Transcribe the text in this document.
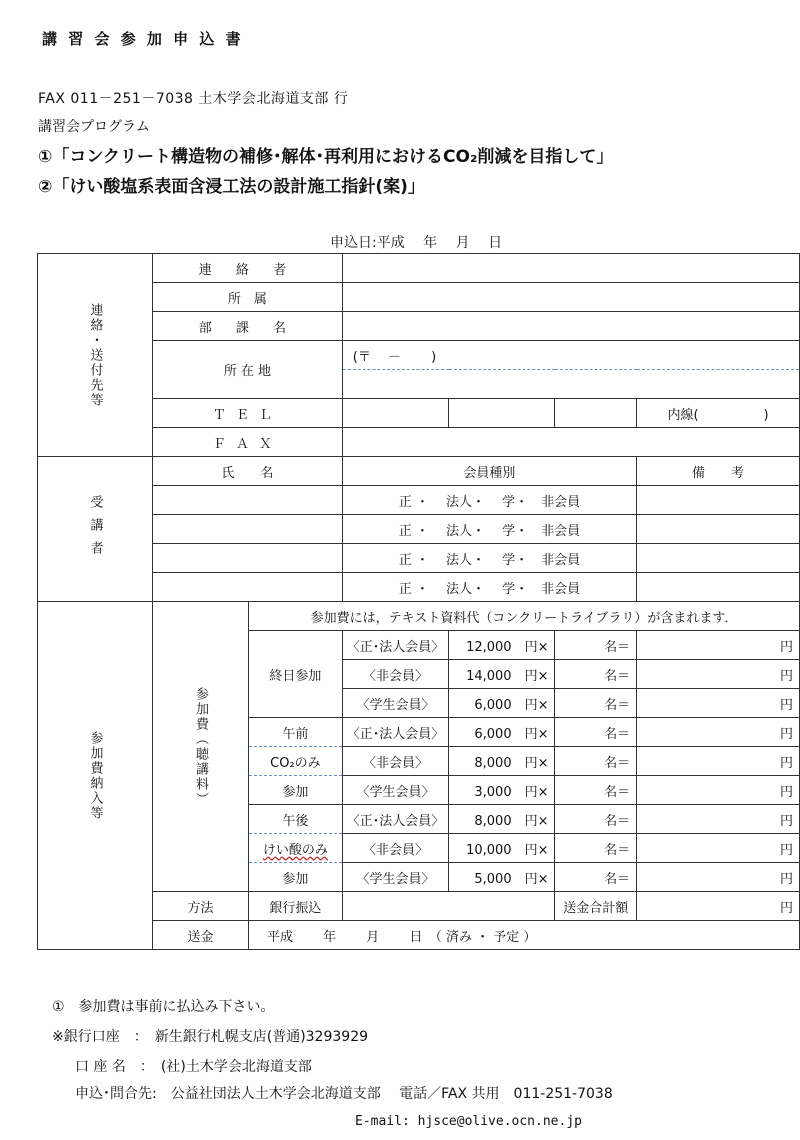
講 習 会 参 加 申 込 書
FAX 011－251－7038 土木学会北海道支部 行
講習会プログラム
①「コンクリート構造物の補修･解体･再利用におけるCO₂削減を目指して」
②「けい酸塩系表面含浸工法の設計施工指針(案)」
申込日:平成　 年　 月　 日
連絡・送付先等	連 絡 者					
	所　属					
	部 課 名					
	所 在 地		(〒　 －　　 )			

	ＴＥＬ					内線(　　　　　)
	ＦＡＸ					

受講者	氏　　名		会員種別			備　　考
			正 ・　 法人・　 学・　非会員			
			正 ・　 法人・　 学・　非会員			
			正 ・　 法人・　 学・　非会員			
			正 ・　 法人・　 学・　非会員			

参加費納入等	参加費（聴講料）	参加費には，テキスト資料代（コンクリートライブラリ）が含まれます．				
		終日参加	〈正･法人会員〉	12,000　円×	名＝	円
			〈非会員〉	14,000　円×	名＝	円
			〈学生会員〉	6,000　円×	名＝	円
		午前	〈正･法人会員〉	6,000　円×	名＝	円
		CO₂のみ	〈非会員〉	8,000　円×	名＝	円
		参加	〈学生会員〉	3,000　円×	名＝	円
		午後	〈正･法人会員〉	8,000　円×	名＝	円
		けい酸のみ	〈非会員〉	10,000　円×	名＝	円
		参加	〈学生会員〉	5,000　円×	名＝	円
	方法	銀行振込			送金合計額	円
	送金	平成　　 年　　 月　　 日　（ 済み ・ 予定 ）				
①　参加費は事前に払込み下さい。
※銀行口座　：　新生銀行札幌支店(普通)3293929
口 座 名　：　(社)土木学会北海道支部
申込･問合先:　公益社団法人土木学会北海道支部　 電話／FAX 共用　011-251-7038
E-mail: hjsce@olive.ocn.ne.jp
